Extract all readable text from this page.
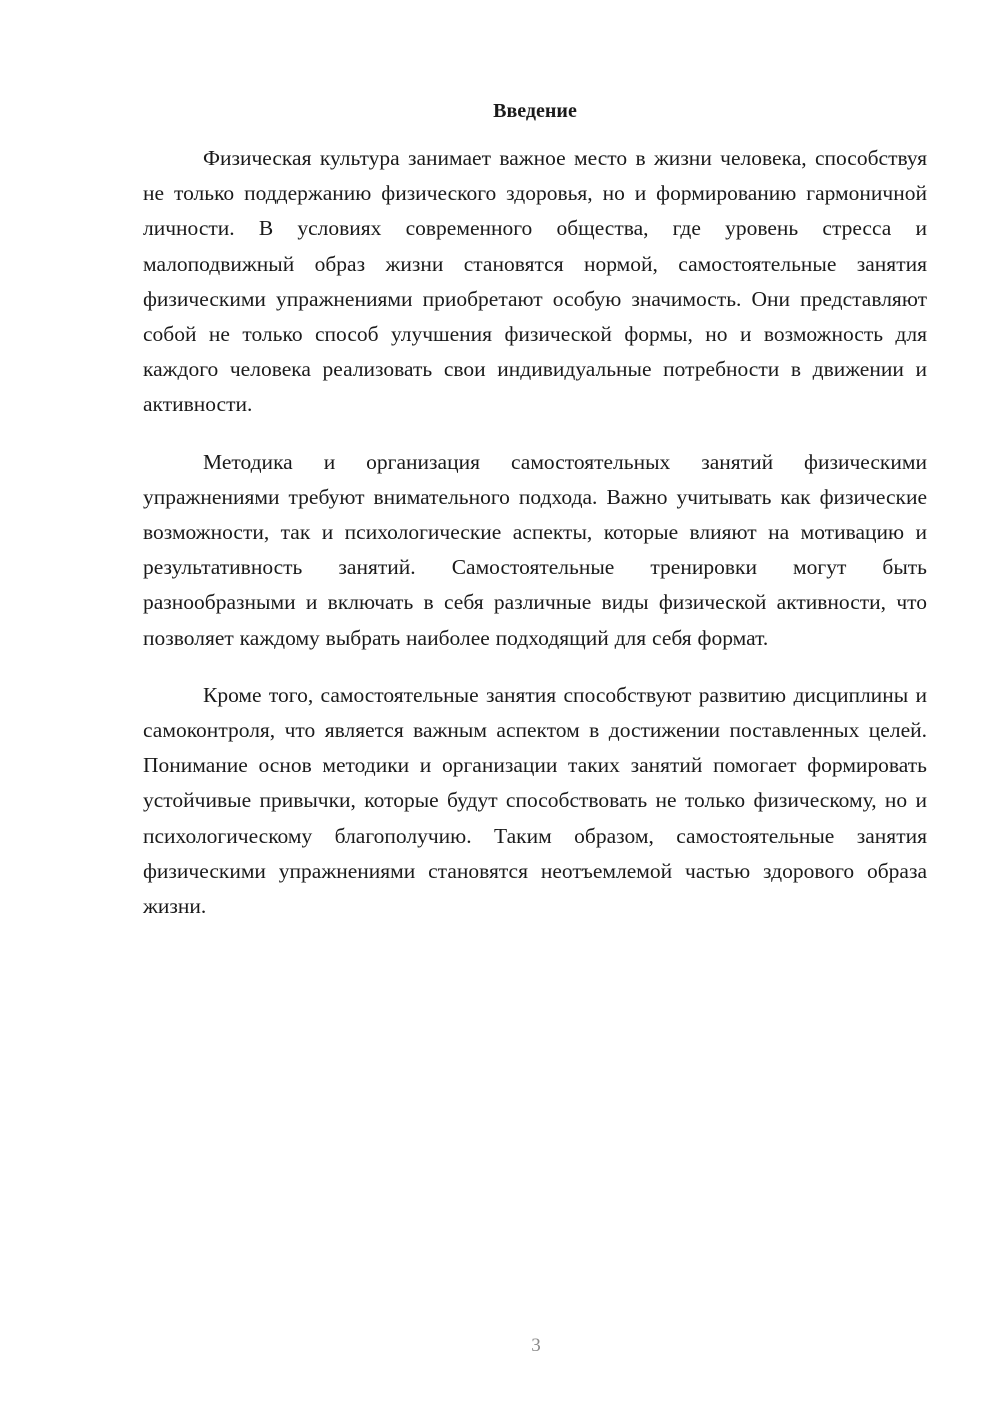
Введение

Физическая культура занимает важное место в жизни человека, способствуя не только поддержанию физического здоровья, но и формированию гармоничной личности. В условиях современного общества, где уровень стресса и малоподвижный образ жизни становятся нормой, самостоятельные занятия физическими упражнениями приобретают особую значимость. Они представляют собой не только способ улучшения физической формы, но и возможность для каждого человека реализовать свои индивидуальные потребности в движении и активности.

Методика и организация самостоятельных занятий физическими упражнениями требуют внимательного подхода. Важно учитывать как физические возможности, так и психологические аспекты, которые влияют на мотивацию и результативность занятий. Самостоятельные тренировки могут быть разнообразными и включать в себя различные виды физической активности, что позволяет каждому выбрать наиболее подходящий для себя формат.

Кроме того, самостоятельные занятия способствуют развитию дисциплины и самоконтроля, что является важным аспектом в достижении поставленных целей. Понимание основ методики и организации таких занятий помогает формировать устойчивые привычки, которые будут способствовать не только физическому, но и психологическому благополучию. Таким образом, самостоятельные занятия физическими упражнениями становятся неотъемлемой частью здорового образа жизни.

3
